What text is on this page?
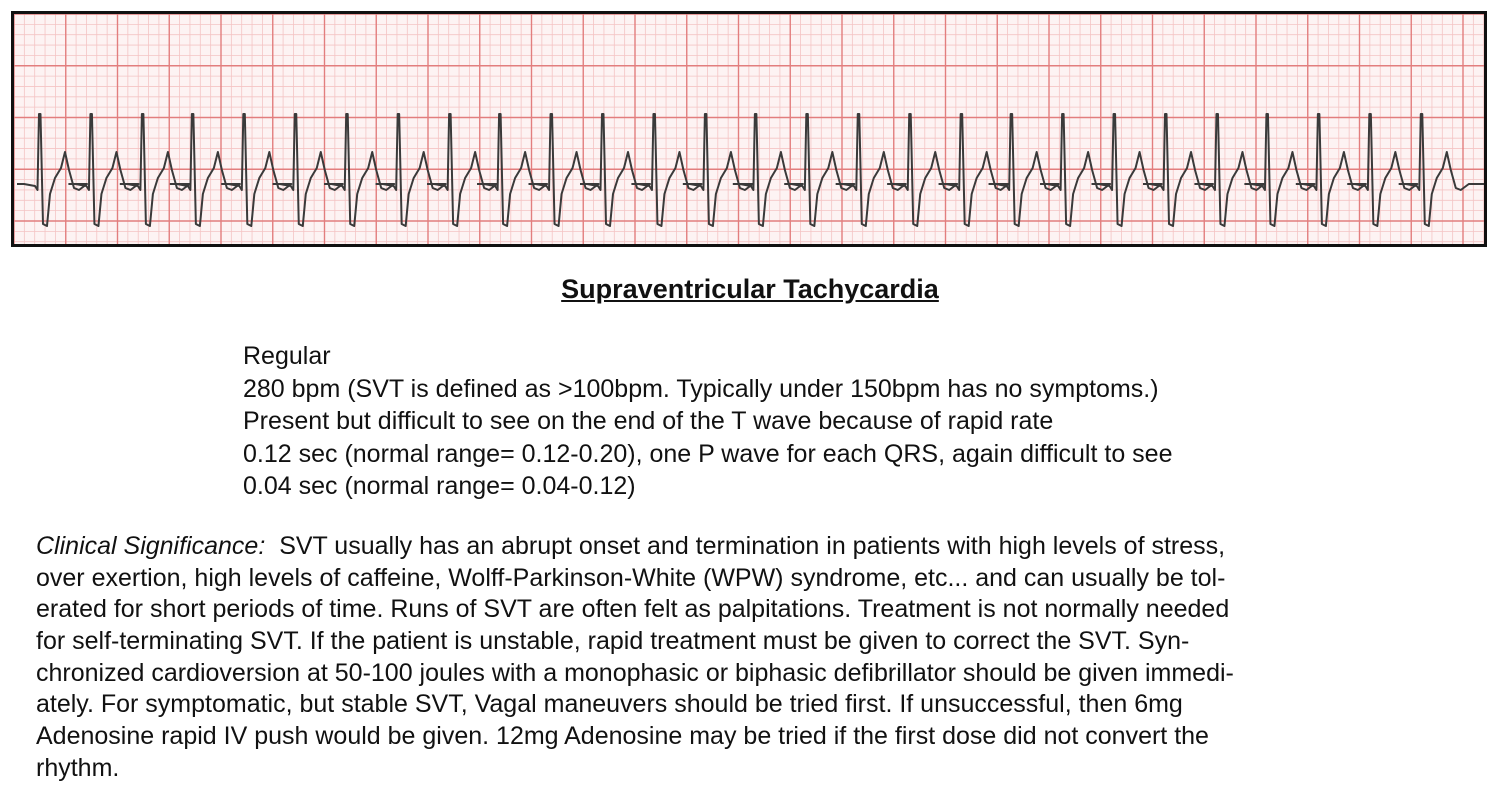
Supraventricular Tachycardia
Regular
280 bpm (SVT is defined as >100bpm. Typically under 150bpm has no symptoms.)
Present but difficult to see on the end of the T wave because of rapid rate
0.12 sec (normal range= 0.12-0.20), one P wave for each QRS, again difficult to see
0.04 sec (normal range= 0.04-0.12)
Clinical Significance: SVT usually has an abrupt onset and termination in patients with high levels of stress,
over exertion, high levels of caffeine, Wolff-Parkinson-White (WPW) syndrome, etc... and can usually be tol-
erated for short periods of time. Runs of SVT are often felt as palpitations. Treatment is not normally needed
for self-terminating SVT. If the patient is unstable, rapid treatment must be given to correct the SVT. Syn-
chronized cardioversion at 50-100 joules with a monophasic or biphasic defibrillator should be given immedi-
ately. For symptomatic, but stable SVT, Vagal maneuvers should be tried first. If unsuccessful, then 6mg
Adenosine rapid IV push would be given. 12mg Adenosine may be tried if the first dose did not convert the
rhythm.
